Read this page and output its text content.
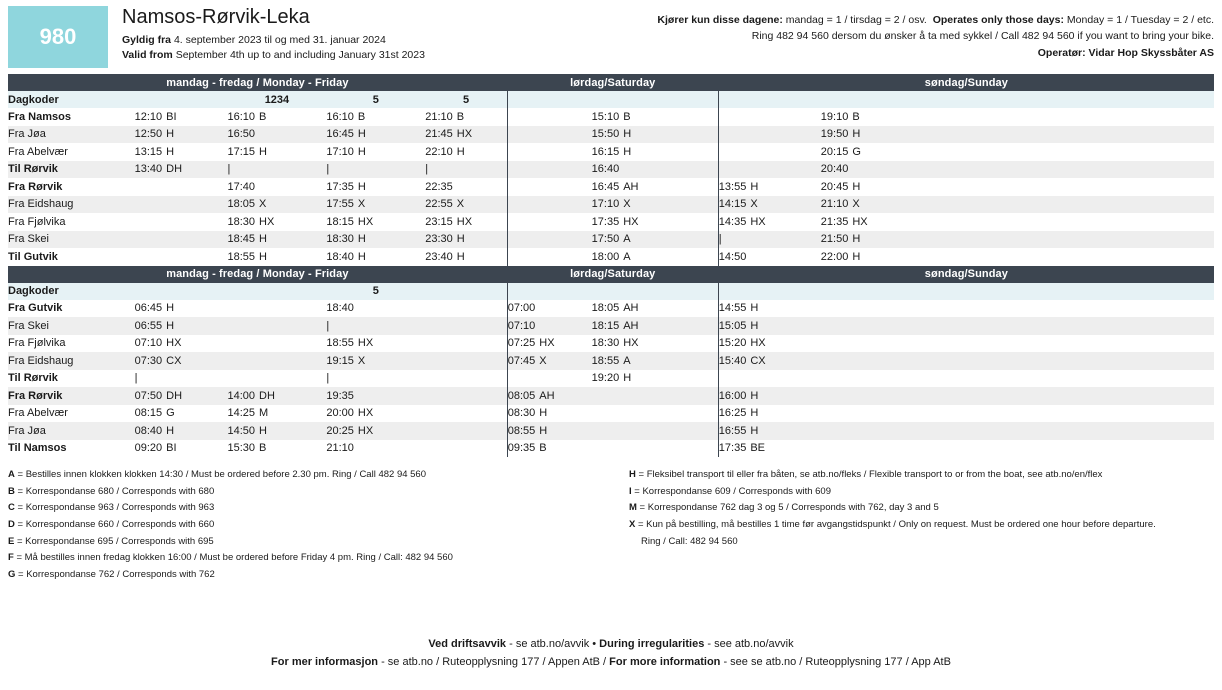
980
Namsos-Rørvik-Leka
Gyldig fra 4. september 2023 til og med 31. januar 2024
Valid from September 4th up to and including January 31st 2023
Kjører kun disse dagene: mandag = 1 / tirsdag = 2 / osv. Operates only those days: Monday = 1 / Tuesday = 2 / etc.
Ring 482 94 560 dersom du ønsker å ta med sykkel / Call 482 94 560 if you want to bring your bike.
Operatør: Vidar Hop Skyssbåter AS
mandag - fredag / Monday - Friday					lørdag/Saturday		søndag/Sunday		
Dagkoder		1234	5	5					
Fra Namsos	12:10 BI	16:10 B	16:10 B	21:10 B		15:10 B		19:10 B	
Fra Jøa	12:50 H	16:50	16:45 H	21:45 HX		15:50 H		19:50 H	
Fra Abelvær	13:15 H	17:15 H	17:10 H	22:10 H		16:15 H		20:15 G	
Til Rørvik	13:40 DH	|	|	|		16:40		20:40	
Fra Rørvik		17:40	17:35 H	22:35		16:45 AH	13:55 H	20:45 H	
Fra Eidshaug		18:05 X	17:55 X	22:55 X		17:10 X	14:15 X	21:10 X	
Fra Fjølvika		18:30 HX	18:15 HX	23:15 HX		17:35 HX	14:35 HX	21:35 HX	
Fra Skei		18:45 H	18:30 H	23:30 H		17:50 A	|	21:50 H	
Til Gutvik		18:55 H	18:40 H	23:40 H		18:00 A	14:50	22:00 H	
mandag - fredag / Monday - Friday					lørdag/Saturday		søndag/Sunday		
Dagkoder			5						
Fra Gutvik	06:45 H		18:40		07:00	18:05 AH	14:55 H		
Fra Skei	06:55 H		|		07:10	18:15 AH	15:05 H		
Fra Fjølvika	07:10 HX		18:55 HX		07:25 HX	18:30 HX	15:20 HX		
Fra Eidshaug	07:30 CX		19:15 X		07:45 X	18:55 A	15:40 CX		
Til Rørvik	|		|			19:20 H			
Fra Rørvik	07:50 DH	14:00 DH	19:35		08:05 AH		16:00 H		
Fra Abelvær	08:15 G	14:25 M	20:00 HX		08:30 H		16:25 H		
Fra Jøa	08:40 H	14:50 H	20:25 HX		08:55 H		16:55 H		
Til Namsos	09:20 BI	15:30 B	21:10		09:35 B		17:35 BE		
A = Bestilles innen klokken klokken 14:30 / Must be ordered before 2.30 pm. Ring / Call 482 94 560
B = Korrespondanse 680 / Corresponds with 680
C = Korrespondanse 963 / Corresponds with 963
D = Korrespondanse 660 / Corresponds with 660
E = Korrespondanse 695 / Corresponds with 695
F = Må bestilles innen fredag klokken 16:00 / Must be ordered before Friday 4 pm. Ring / Call: 482 94 560
G = Korrespondanse 762 / Corresponds with 762
H = Fleksibel transport til eller fra båten, se atb.no/fleks / Flexible transport to or from the boat, see atb.no/en/flex
I = Korrespondanse 609 / Corresponds with 609
M = Korrespondanse 762 dag 3 og 5 / Corresponds with 762, day 3 and 5
X = Kun på bestilling, må bestilles 1 time før avgangstidspunkt / Only on request. Must be ordered one hour before departure.
Ring / Call: 482 94 560
Ved driftsavvik - se atb.no/avvik • During irregularities - see atb.no/avvik
For mer informasjon - se atb.no / Ruteopplysning 177 / Appen AtB / For more information - see se atb.no / Ruteopplysning 177 / App AtB
